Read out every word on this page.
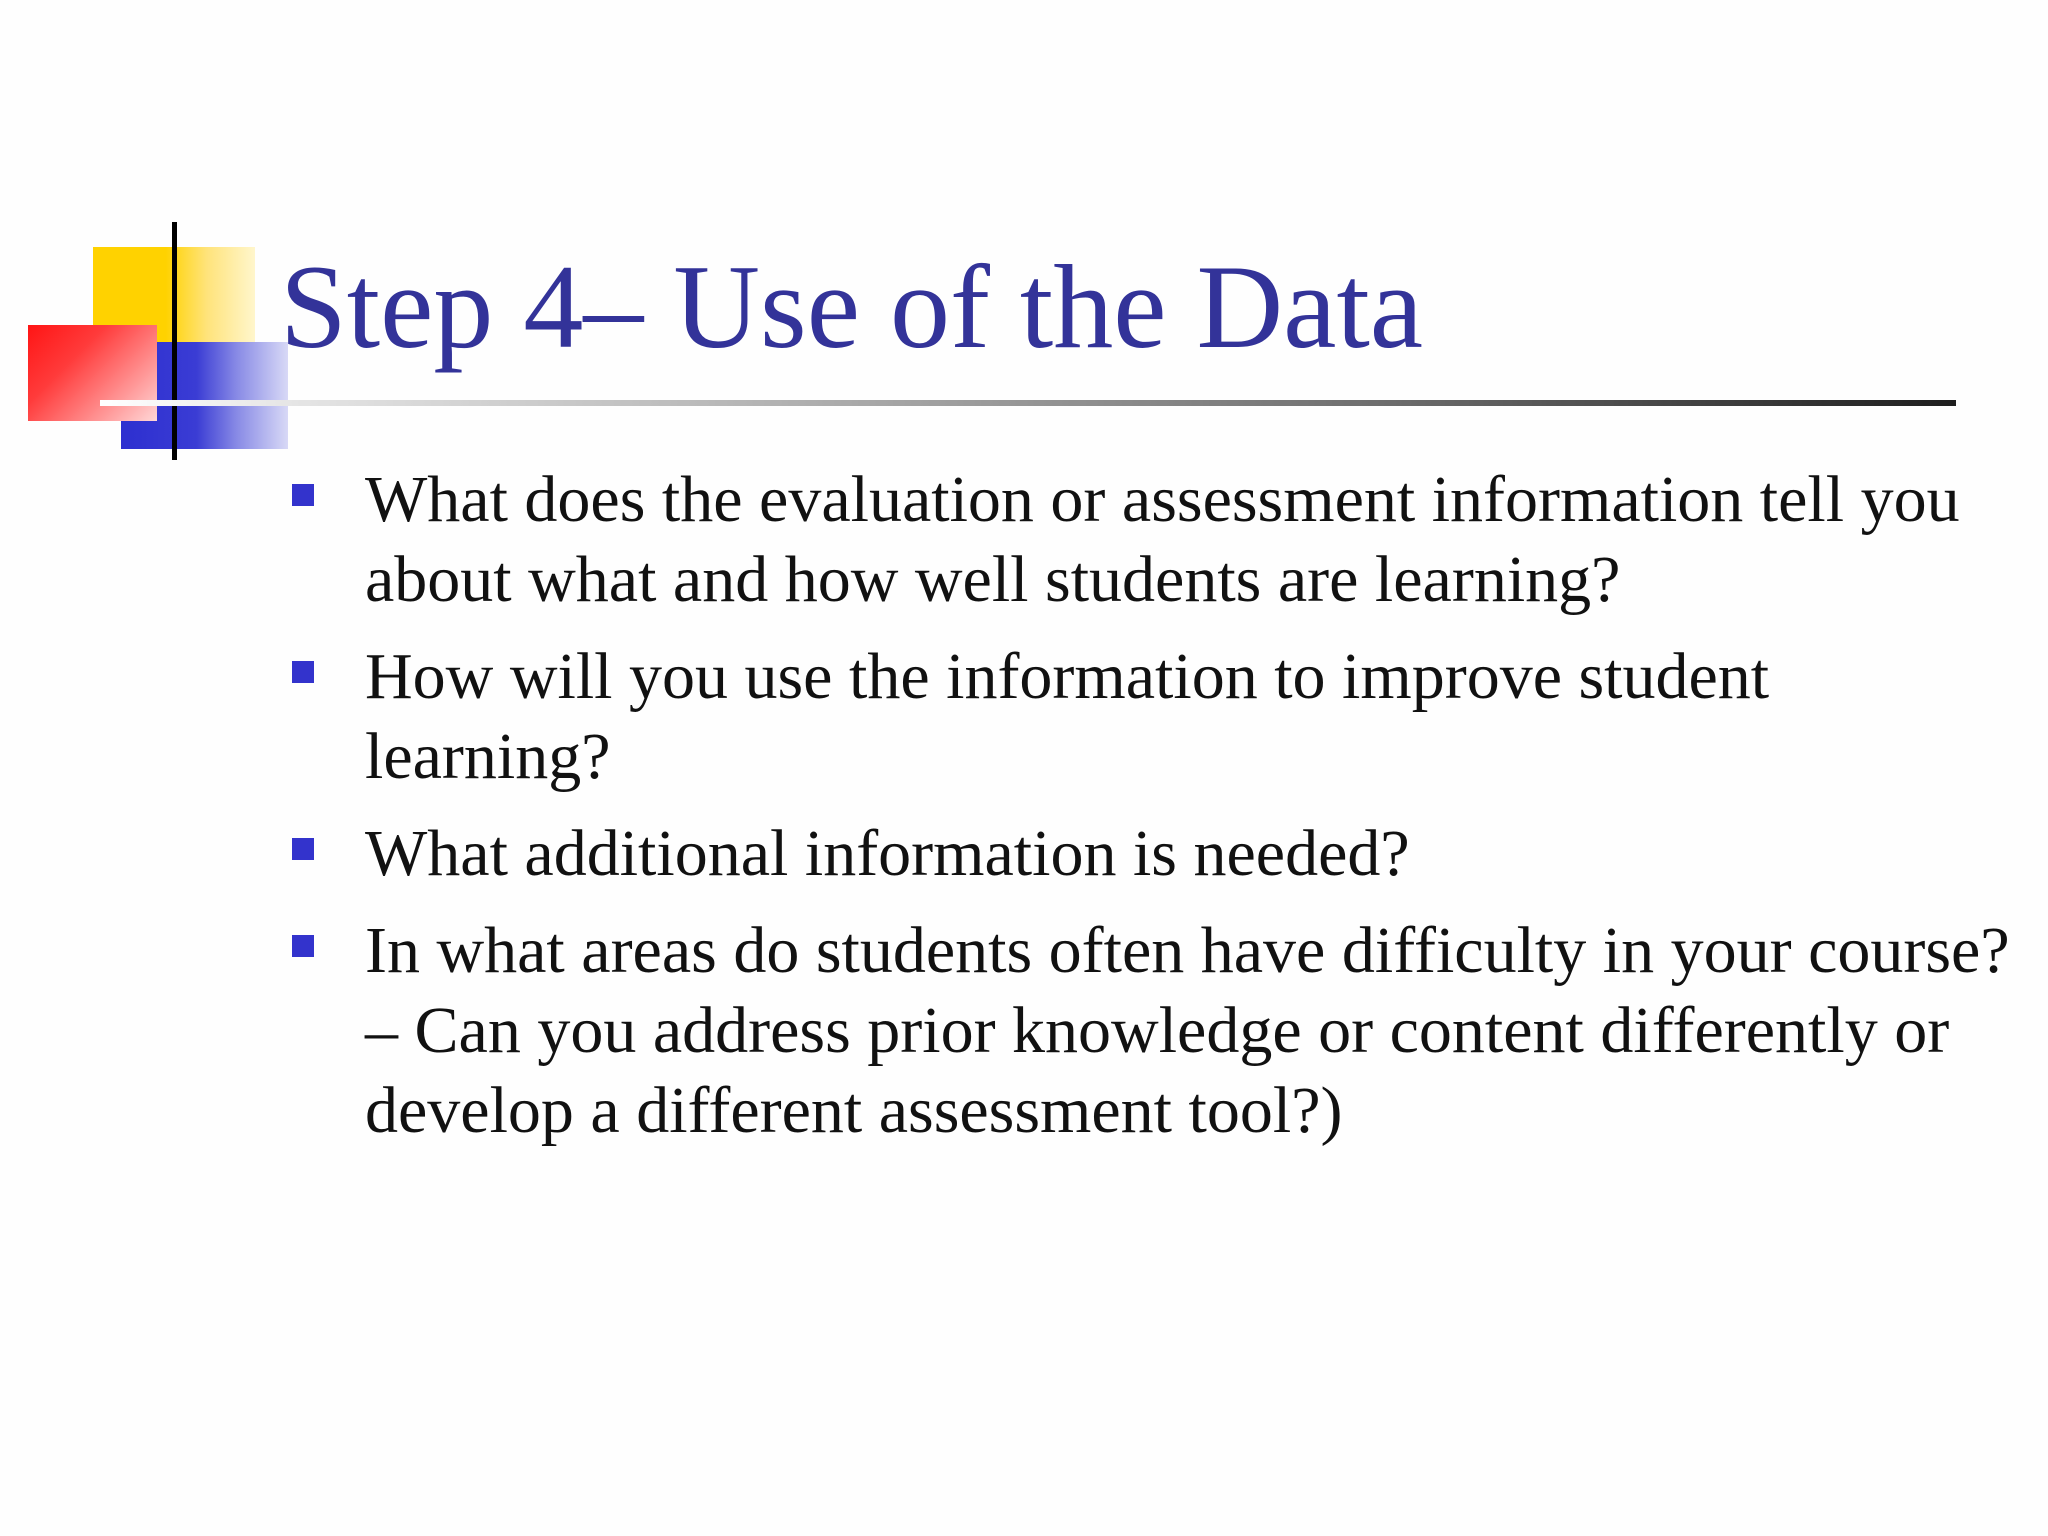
Step 4– Use of the Data
What does the evaluation or assessment information tell you about what and how well students are learning?
How will you use the information to improve student learning?
What additional information is needed?
In what areas do students often have difficulty in your course? – Can you address prior knowledge or content differently or develop a different assessment tool?)
